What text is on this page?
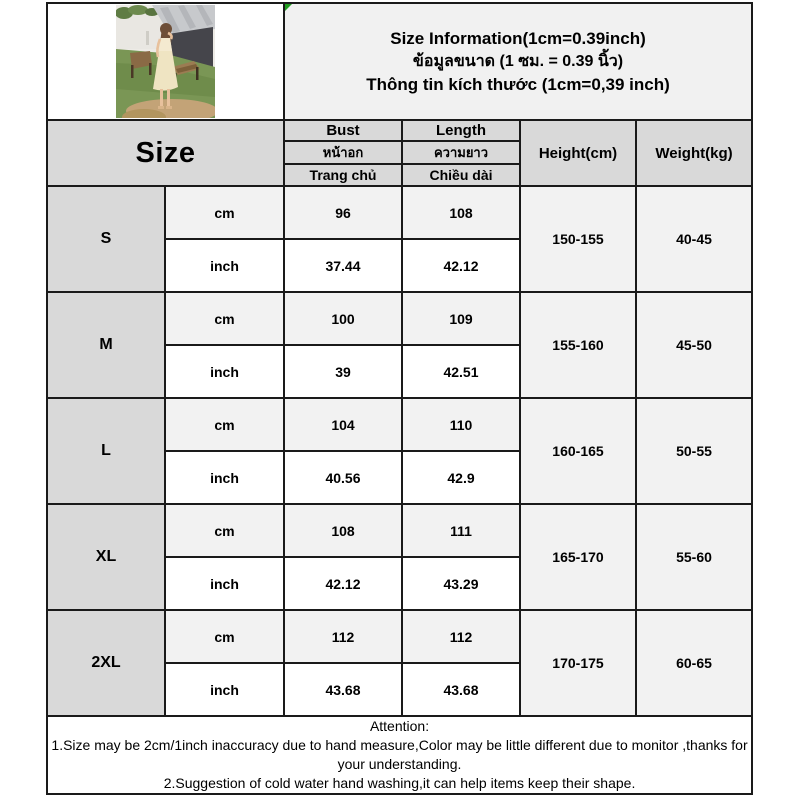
Size Information(1cm=0.39inch)
ข้อมูลขนาด (1 ซม. = 0.39 นิ้ว)
Thông tin kích thước (1cm=0,39 inch)			

Size		Bust	Length	Height(cm)	Weight(kg)
		หน้าอก	ความยาว		
		Trang chủ	Chiều dài		
S	cm	96	108	150-155	40-45
	inch	37.44	42.12		
M	cm	100	109	155-160	45-50
	inch	39	42.51		
L	cm	104	110	160-165	50-55
	inch	40.56	42.9		
XL	cm	108	111	165-170	55-60
	inch	42.12	43.29		
2XL	cm	112	112	170-175	60-65
	inch	43.68	43.68		

Attention:
1.Size may be 2cm/1inch inaccuracy due to hand measure,Color may be little different due to monitor ,thanks for your understanding.
2.Suggestion of cold water hand washing,it can help items keep their shape.					
